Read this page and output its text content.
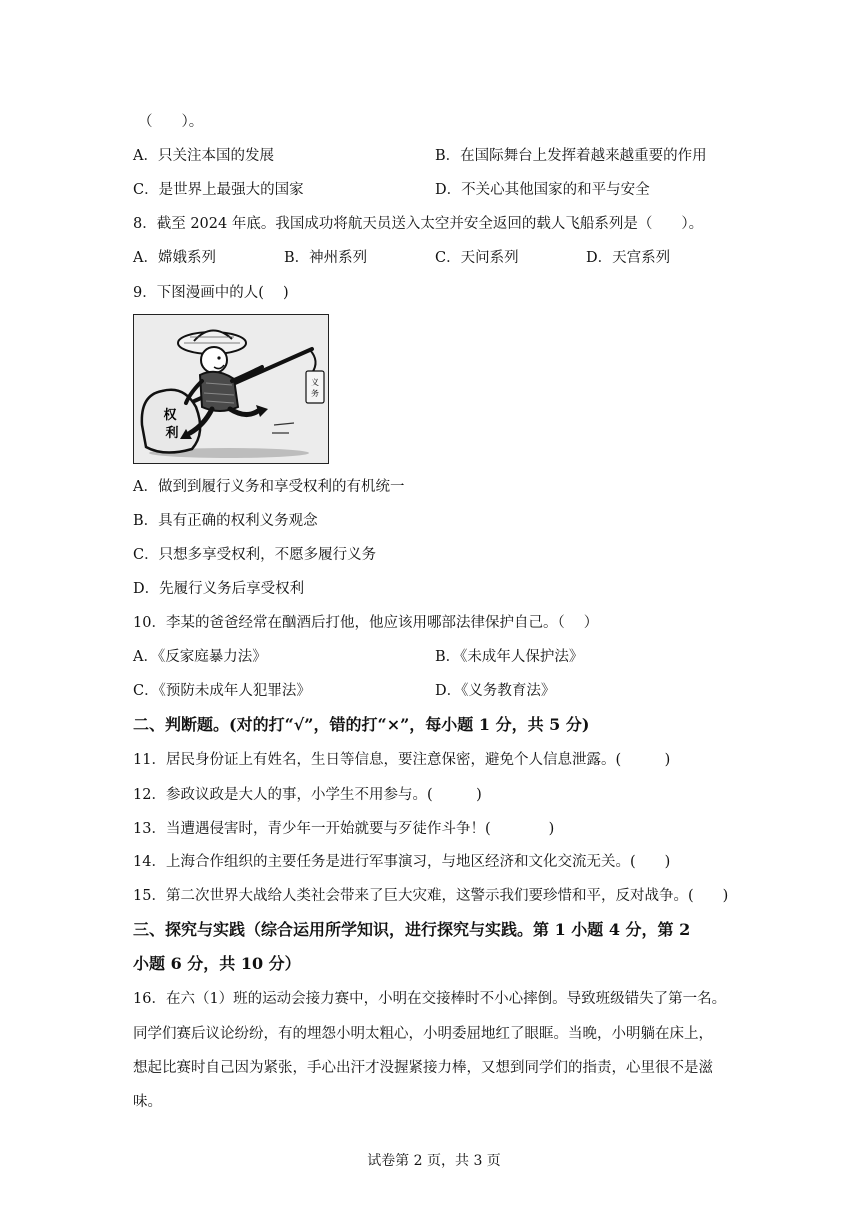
（　　）。
A．只关注本国的发展	B．在国际舞台上发挥着越来越重要的作用
C．是世界上最强大的国家	D．不关心其他国家的和平与安全
8．截至 2024 年底。我国成功将航天员送入太空并安全返回的载人飞船系列是（　　）。
A．嫦娥系列	B．神州系列	C．天问系列	D．天宫系列
9．下图漫画中的人(　 )
义
务
权
利
A．做到到履行义务和享受权利的有机统一
B．具有正确的权利义务观念
C．只想多享受权利，不愿多履行义务
D．先履行义务后享受权利
10．李某的爸爸经常在酗酒后打他，他应该用哪部法律保护自己。（　 ）
A．《反家庭暴力法》	B．《未成年人保护法》
C．《预防未成年人犯罪法》	D．《义务教育法》
二、判断题。(对的打“√”，错的打“×”，每小题 1 分，共 5 分)
11．居民身份证上有姓名，生日等信息，要注意保密，避免个人信息泄露。(　　　)
12．参政议政是大人的事，小学生不用参与。(　　　)
13．当遭遇侵害时，青少年一开始就要与歹徒作斗争！(　　　　)
14．上海合作组织的主要任务是进行军事演习，与地区经济和文化交流无关。(　　)
15．第二次世界大战给人类社会带来了巨大灾难，这警示我们要珍惜和平，反对战争。(　　)
三、探究与实践（综合运用所学知识，进行探究与实践。第 1 小题 4 分，第 2
小题 6 分，共 10 分）
16．在六（1）班的运动会接力赛中，小明在交接棒时不小心摔倒。导致班级错失了第一名。
同学们赛后议论纷纷，有的埋怨小明太粗心，小明委屈地红了眼眶。当晚，小明躺在床上，
想起比赛时自己因为紧张，手心出汗才没握紧接力棒，又想到同学们的指责，心里很不是滋
味。
试卷第 2 页，共 3 页
